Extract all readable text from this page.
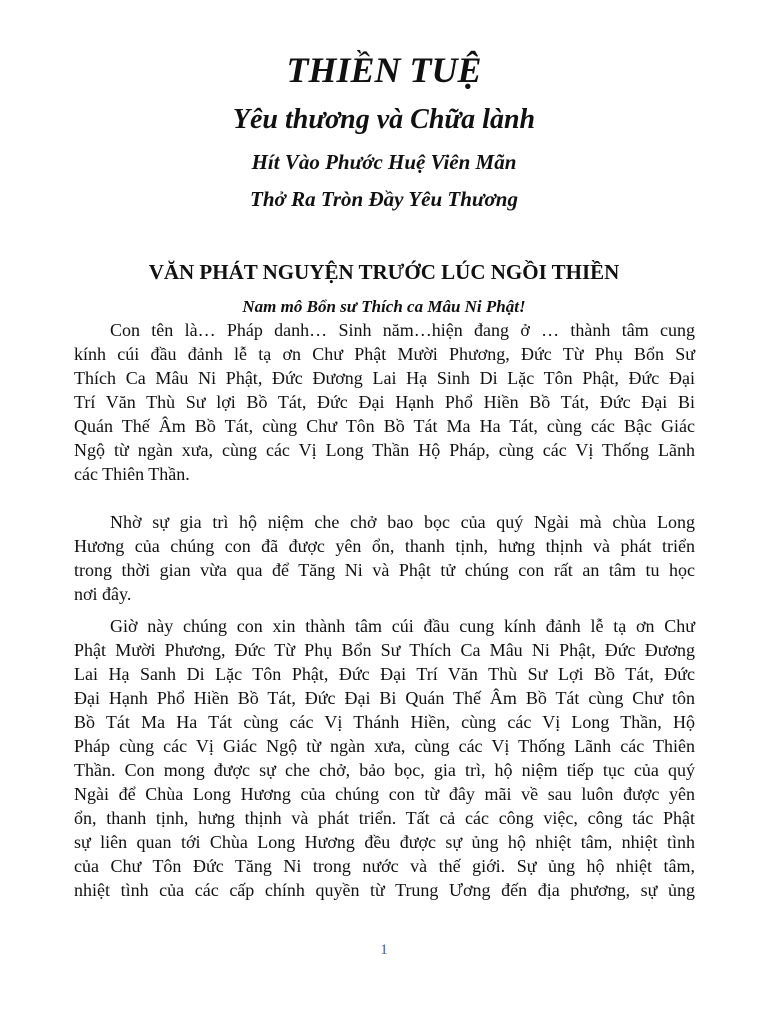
THIỀN TUỆ
Yêu thương và Chữa lành
Hít Vào Phước Huệ Viên Mãn
Thở Ra Tròn Đầy Yêu Thương
VĂN PHÁT NGUYỆN TRƯỚC LÚC NGỒI THIỀN
Nam mô Bổn sư Thích ca Mâu Ni Phật!
Con tên là… Pháp danh… Sinh năm…hiện đang ở … thành tâm cung
kính cúi đầu đảnh lễ tạ ơn Chư Phật Mười Phương, Đức Từ Phụ Bổn Sư
Thích Ca Mâu Ni Phật, Đức Đương Lai Hạ Sinh Di Lặc Tôn Phật, Đức Đại
Trí Văn Thù Sư lợi Bồ Tát, Đức Đại Hạnh Phổ Hiền Bồ Tát, Đức Đại Bi
Quán Thế Âm Bồ Tát, cùng Chư Tôn Bồ Tát Ma Ha Tát, cùng các Bậc Giác
Ngộ từ ngàn xưa, cùng các Vị Long Thần Hộ Pháp, cùng các Vị Thống Lãnh
các Thiên Thần.
Nhờ sự gia trì hộ niệm che chở bao bọc của quý Ngài mà chùa Long
Hương của chúng con đã được yên ổn, thanh tịnh, hưng thịnh và phát triển
trong thời gian vừa qua để Tăng Ni và Phật tử chúng con rất an tâm tu học
nơi đây.
Giờ này chúng con xin thành tâm cúi đầu cung kính đảnh lễ tạ ơn Chư
Phật Mười Phương, Đức Từ Phụ Bổn Sư Thích Ca Mâu Ni Phật, Đức Đương
Lai Hạ Sanh Di Lặc Tôn Phật, Đức Đại Trí Văn Thù Sư Lợi Bồ Tát, Đức
Đại Hạnh Phổ Hiền Bồ Tát, Đức Đại Bi Quán Thế Âm Bồ Tát cùng Chư tôn
Bồ Tát Ma Ha Tát cùng các Vị Thánh Hiền, cùng các Vị Long Thần, Hộ
Pháp cùng các Vị Giác Ngộ từ ngàn xưa, cùng các Vị Thống Lãnh các Thiên
Thần. Con mong được sự che chở, bảo bọc, gia trì, hộ niệm tiếp tục của quý
Ngài để Chùa Long Hương của chúng con từ đây mãi về sau luôn được yên
ổn, thanh tịnh, hưng thịnh và phát triển. Tất cả các công việc, công tác Phật
sự liên quan tới Chùa Long Hương đều được sự ủng hộ nhiệt tâm, nhiệt tình
của Chư Tôn Đức Tăng Ni trong nước và thế giới. Sự ủng hộ nhiệt tâm,
nhiệt tình của các cấp chính quyền từ Trung Ương đến địa phương, sự ủng
1
